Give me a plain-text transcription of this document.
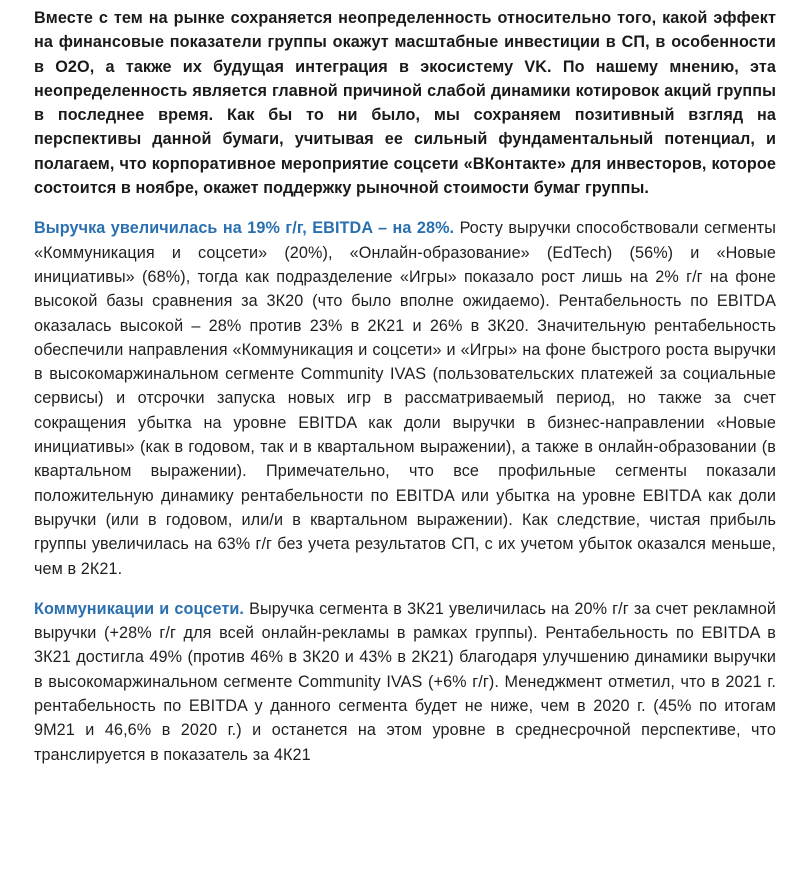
Вместе с тем на рынке сохраняется неопределенность относительно того, какой эффект на финансовые показатели группы окажут масштабные инвестиции в СП, в особенности в O2O, а также их будущая интеграция в экосистему VK. По нашему мнению, эта неопределенность является главной причиной слабой динамики котировок акций группы в последнее время. Как бы то ни было, мы сохраняем позитивный взгляд на перспективы данной бумаги, учитывая ее сильный фундаментальный потенциал, и полагаем, что корпоративное мероприятие соцсети «ВКонтакте» для инвесторов, которое состоится в ноябре, окажет поддержку рыночной стоимости бумаг группы.

Выручка увеличилась на 19% г/г, EBITDA – на 28%. Росту выручки способствовали сегменты «Коммуникация и соцсети» (20%), «Онлайн-образование» (EdTech) (56%) и «Новые инициативы» (68%), тогда как подразделение «Игры» показало рост лишь на 2% г/г на фоне высокой базы сравнения за 3К20 (что было вполне ожидаемо). Рентабельность по EBITDA оказалась высокой – 28% против 23% в 2К21 и 26% в 3К20. Значительную рентабельность обеспечили направления «Коммуникация и соцсети» и «Игры» на фоне быстрого роста выручки в высокомаржинальном сегменте Community IVAS (пользовательских платежей за социальные сервисы) и отсрочки запуска новых игр в рассматриваемый период, но также за счет сокращения убытка на уровне EBITDA как доли выручки в бизнес-направлении «Новые инициативы» (как в годовом, так и в квартальном выражении), а также в онлайн-образовании (в квартальном выражении). Примечательно, что все профильные сегменты показали положительную динамику рентабельности по EBITDA или убытка на уровне EBITDA как доли выручки (или в годовом, или/и в квартальном выражении). Как следствие, чистая прибыль группы увеличилась на 63% г/г без учета результатов СП, с их учетом убыток оказался меньше, чем в 2К21.

Коммуникации и соцсети. Выручка сегмента в 3К21 увеличилась на 20% г/г за счет рекламной выручки (+28% г/г для всей онлайн-рекламы в рамках группы). Рентабельность по EBITDA в 3К21 достигла 49% (против 46% в 3К20 и 43% в 2К21) благодаря улучшению динамики выручки в высокомаржинальном сегменте Community IVAS (+6% г/г). Менеджмент отметил, что в 2021 г. рентабельность по EBITDA у данного сегмента будет не ниже, чем в 2020 г. (45% по итогам 9М21 и 46,6% в 2020 г.) и останется на этом уровне в среднесрочной перспективе, что транслируется в показатель за 4К21
